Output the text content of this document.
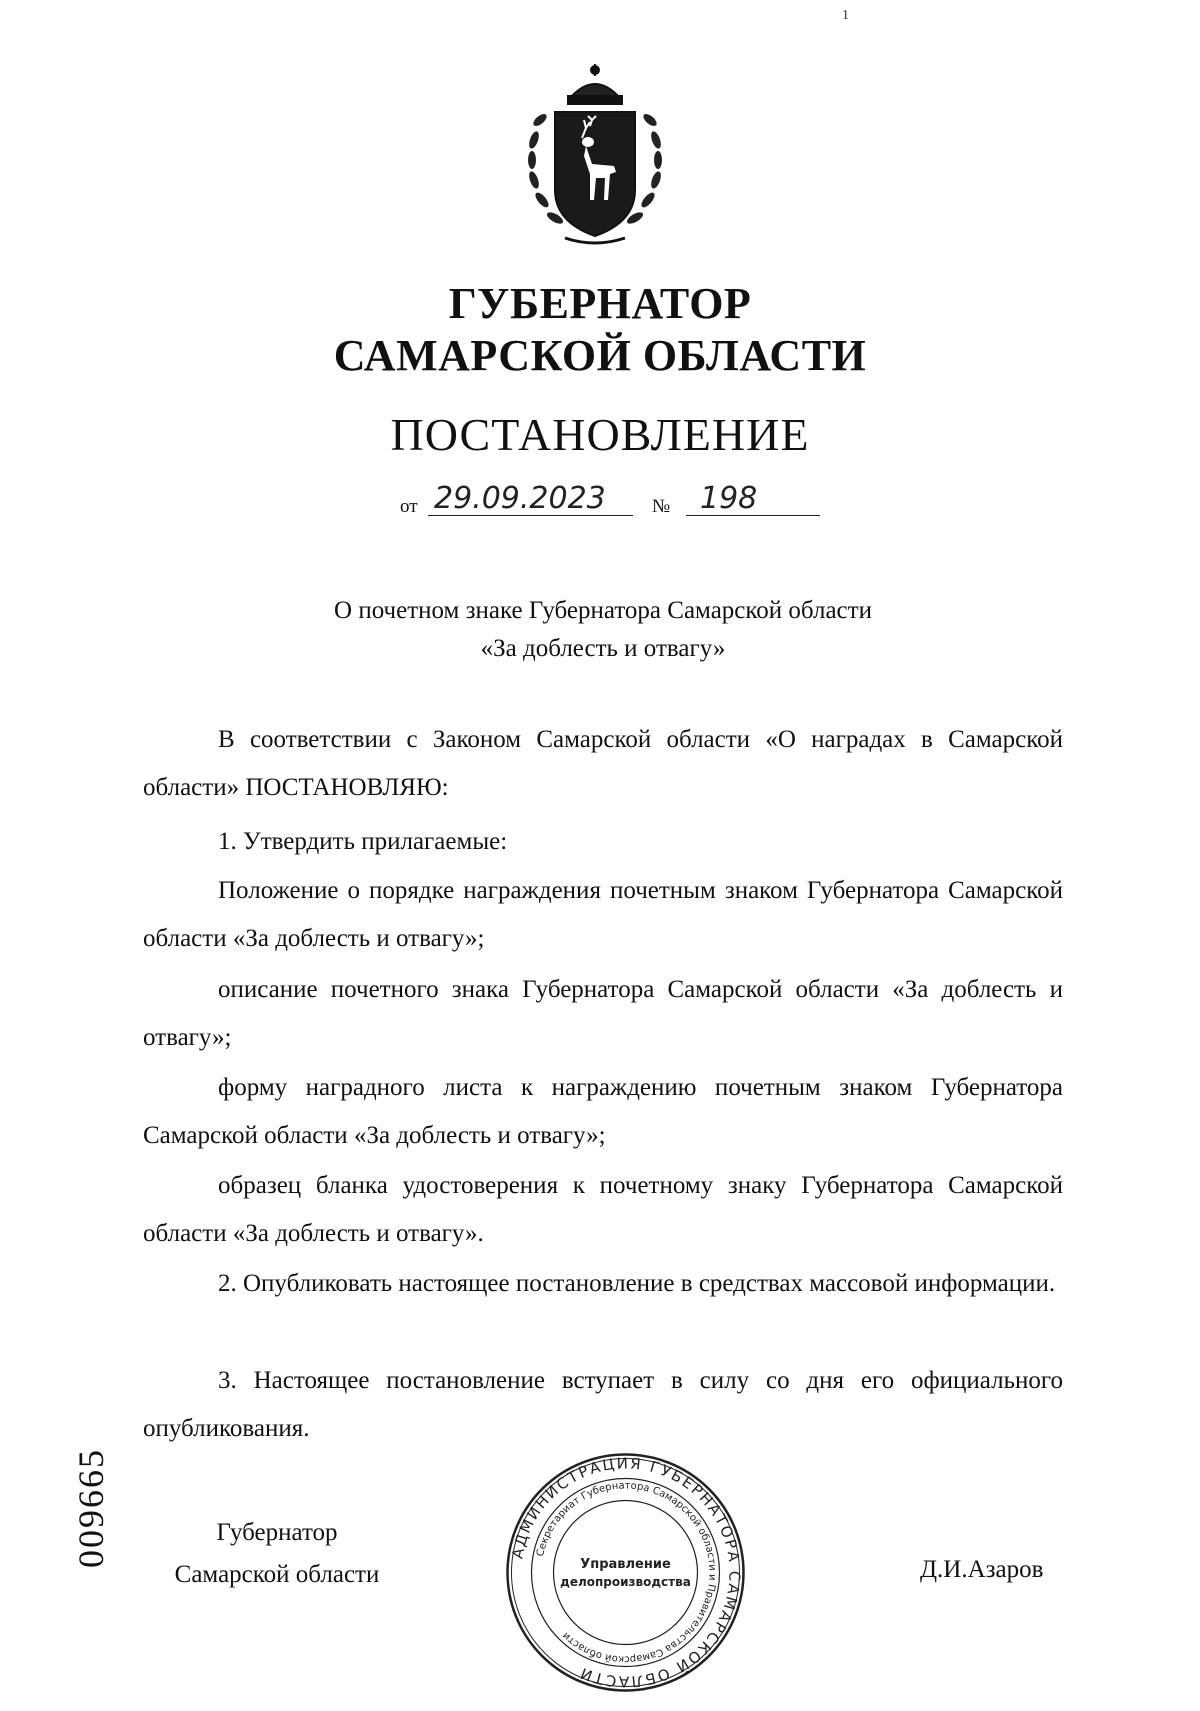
1
ГУБЕРНАТОР
САМАРСКОЙ ОБЛАСТИ
ПОСТАНОВЛЕНИЕ
от 29.09.2023 № 198
О почетном знаке Губернатора Самарской области
«За доблесть и отвагу»
В соответствии с Законом Самарской области «О наградах в Самарской области» ПОСТАНОВЛЯЮ:
1. Утвердить прилагаемые:
Положение о порядке награждения почетным знаком Губернатора Самарской области «За доблесть и отвагу»;
описание почетного знака Губернатора Самарской области «За доблесть и отвагу»;
форму наградного листа к награждению почетным знаком Губернатора Самарской области «За доблесть и отвагу»;
образец бланка удостоверения к почетному знаку Губернатора Самарской области «За доблесть и отвагу».
2. Опубликовать настоящее постановление в средствах массовой информации.
3. Настоящее постановление вступает в силу со дня его официального опубликования.
Губернатор
Самарской области	Д.И.Азаров
АДМИНИСТРАЦИЯ ГУБЕРНАТОРА САМАРСКОЙ ОБЛАСТИ
Секретариат Губернатора Самарской области и Правительства Самарской области
Управление
делопроизводства
009665
